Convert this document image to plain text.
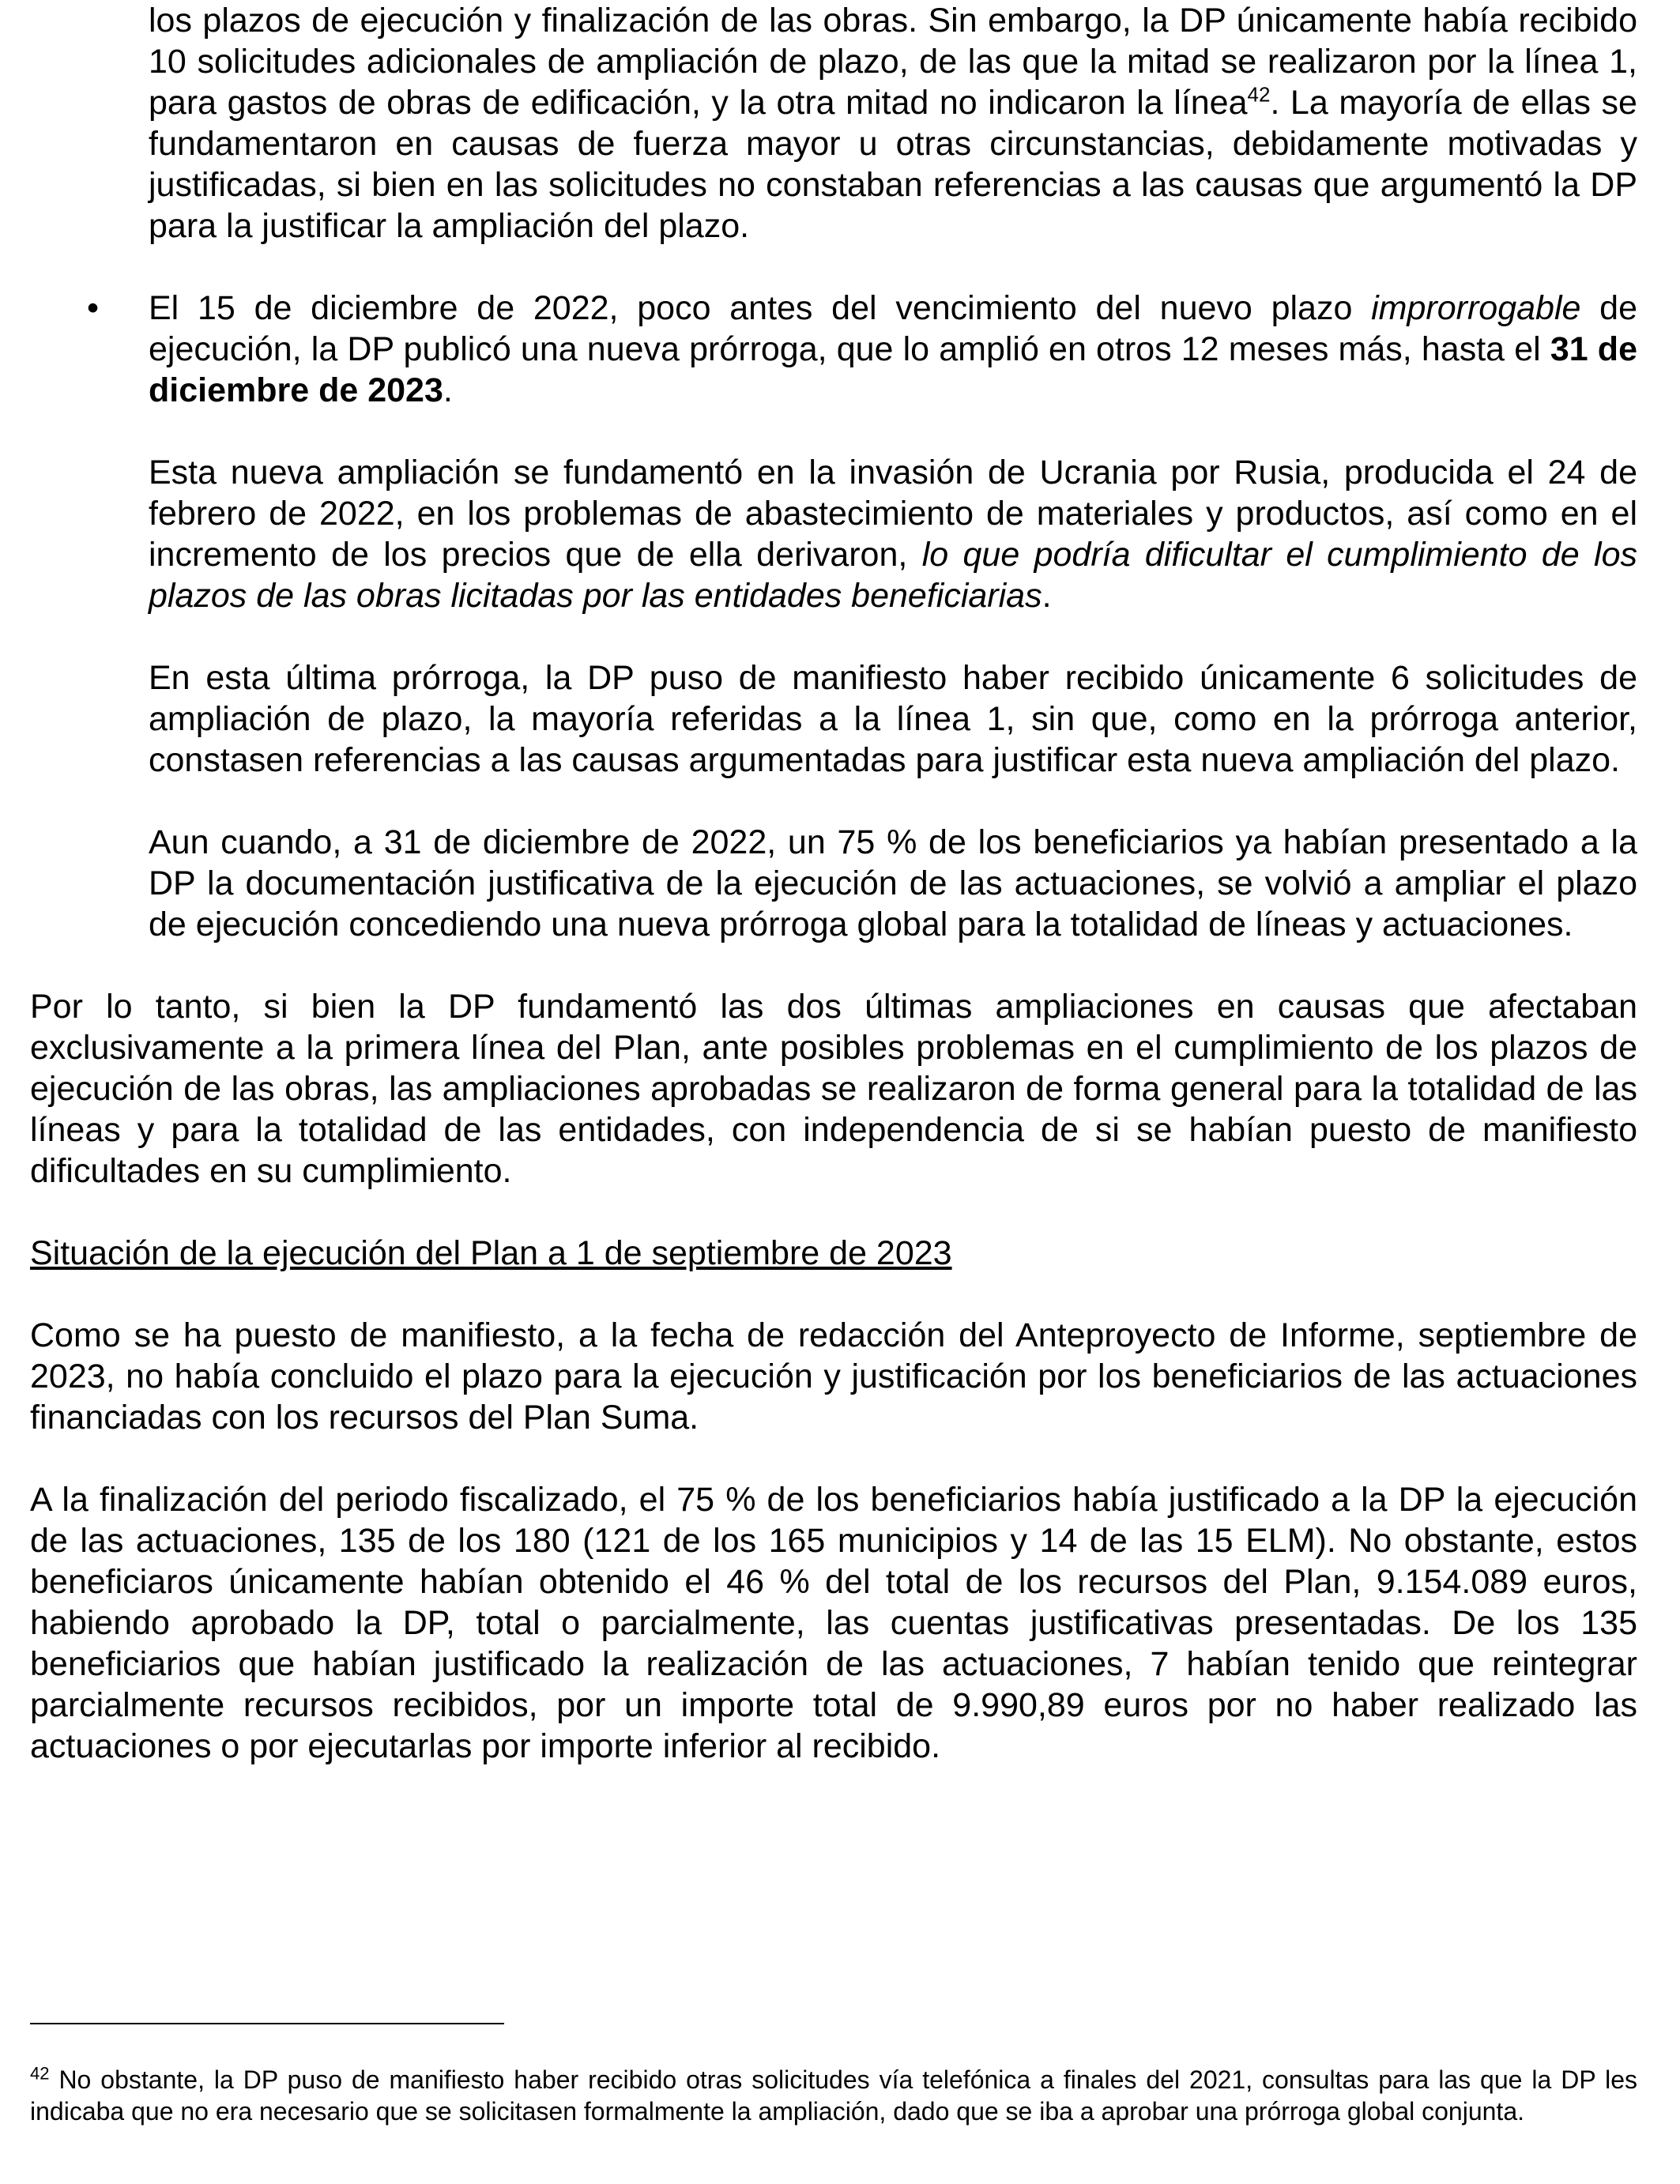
los plazos de ejecución y finalización de las obras. Sin embargo, la DP únicamente había recibido 10 solicitudes adicionales de ampliación de plazo, de las que la mitad se realizaron por la línea 1, para gastos de obras de edificación, y la otra mitad no indicaron la línea$^{42}$. La mayoría de ellas se fundamentaron en causas de fuerza mayor u otras circunstancias, debidamente motivadas y justificadas, si bien en las solicitudes no constaban referencias a las causas que argumentó la DP para la justificar la ampliación del plazo.

• El 15 de diciembre de 2022, poco antes del vencimiento del nuevo plazo improrrogable de ejecución, la DP publicó una nueva prórroga, que lo amplió en otros 12 meses más, hasta el 31 de diciembre de 2023.

Esta nueva ampliación se fundamentó en la invasión de Ucrania por Rusia, producida el 24 de febrero de 2022, en los problemas de abastecimiento de materiales y productos, así como en el incremento de los precios que de ella derivaron, lo que podría dificultar el cumplimiento de los plazos de las obras licitadas por las entidades beneficiarias.

En esta última prórroga, la DP puso de manifiesto haber recibido únicamente 6 solicitudes de ampliación de plazo, la mayoría referidas a la línea 1, sin que, como en la prórroga anterior, constasen referencias a las causas argumentadas para justificar esta nueva ampliación del plazo.

Aun cuando, a 31 de diciembre de 2022, un 75 % de los beneficiarios ya habían presentado a la DP la documentación justificativa de la ejecución de las actuaciones, se volvió a ampliar el plazo de ejecución concediendo una nueva prórroga global para la totalidad de líneas y actuaciones.

Por lo tanto, si bien la DP fundamentó las dos últimas ampliaciones en causas que afectaban exclusivamente a la primera línea del Plan, ante posibles problemas en el cumplimiento de los plazos de ejecución de las obras, las ampliaciones aprobadas se realizaron de forma general para la totalidad de las líneas y para la totalidad de las entidades, con independencia de si se habían puesto de manifiesto dificultades en su cumplimiento.

Situación de la ejecución del Plan a 1 de septiembre de 2023

Como se ha puesto de manifiesto, a la fecha de redacción del Anteproyecto de Informe, septiembre de 2023, no había concluido el plazo para la ejecución y justificación por los beneficiarios de las actuaciones financiadas con los recursos del Plan Suma.

A la finalización del periodo fiscalizado, el 75 % de los beneficiarios había justificado a la DP la ejecución de las actuaciones, 135 de los 180 (121 de los 165 municipios y 14 de las 15 ELM). No obstante, estos beneficiaros únicamente habían obtenido el 46 % del total de los recursos del Plan, 9.154.089 euros, habiendo aprobado la DP, total o parcialmente, las cuentas justificativas presentadas. De los 135 beneficiarios que habían justificado la realización de las actuaciones, 7 habían tenido que reintegrar parcialmente recursos recibidos, por un importe total de 9.990,89 euros por no haber realizado las actuaciones o por ejecutarlas por importe inferior al recibido.

$^{42}$ No obstante, la DP puso de manifiesto haber recibido otras solicitudes vía telefónica a finales del 2021, consultas para las que la DP les indicaba que no era necesario que se solicitasen formalmente la ampliación, dado que se iba a aprobar una prórroga global conjunta.
